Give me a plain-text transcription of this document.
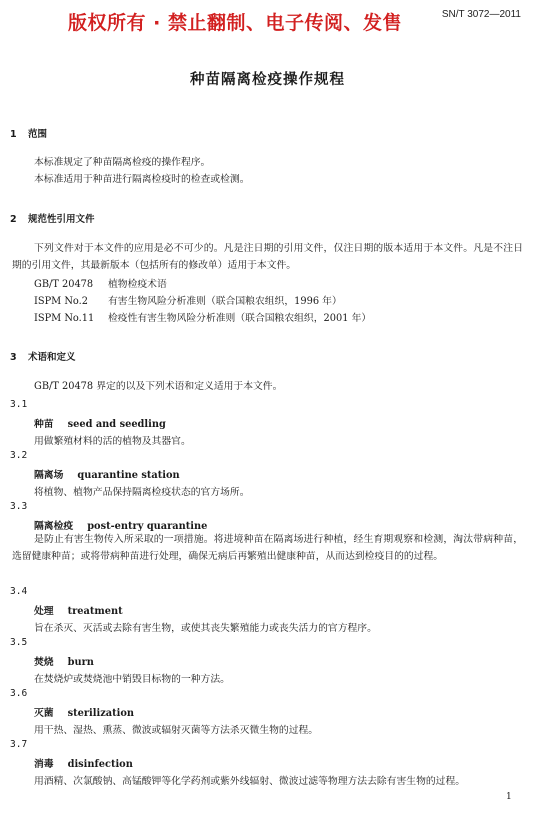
版权所有 · 禁止翻制、电子传阅、发售	SN/T 3072—2011
种苗隔离检疫操作规程
1 范围
本标准规定了种苗隔离检疫的操作程序。
本标准适用于种苗进行隔离检疫时的检查或检测。
2 规范性引用文件
下列文件对于本文件的应用是必不可少的。凡是注日期的引用文件，仅注日期的版本适用于本文件。凡是不注日期的引用文件，其最新版本（包括所有的修改单）适用于本文件。
GB/T 20478 植物检疫术语
ISPM No.2 有害生物风险分析准则（联合国粮农组织，1996 年）
ISPM No.11 检疫性有害生物风险分析准则（联合国粮农组织，2001 年）
3 术语和定义
GB/T 20478 界定的以及下列术语和定义适用于本文件。
3.1
种苗 seed and seedling
用做繁殖材料的活的植物及其器官。
3.2
隔离场 quarantine station
将植物、植物产品保持隔离检疫状态的官方场所。
3.3
隔离检疫 post-entry quarantine
是防止有害生物传入所采取的一项措施。将进境种苗在隔离场进行种植，经生育期观察和检测，淘汰带病种苗，选留健康种苗；或将带病种苗进行处理，确保无病后再繁殖出健康种苗，从而达到检疫目的的过程。
3.4
处理 treatment
旨在杀灭、灭活或去除有害生物，或使其丧失繁殖能力或丧失活力的官方程序。
3.5
焚烧 burn
在焚烧炉或焚烧池中销毁目标物的一种方法。
3.6
灭菌 sterilization
用干热、湿热、熏蒸、微波或辐射灭菌等方法杀灭微生物的过程。
3.7
消毒 disinfection
用酒精、次氯酸钠、高锰酸钾等化学药剂或紫外线辐射、微波过滤等物理方法去除有害生物的过程。
1
